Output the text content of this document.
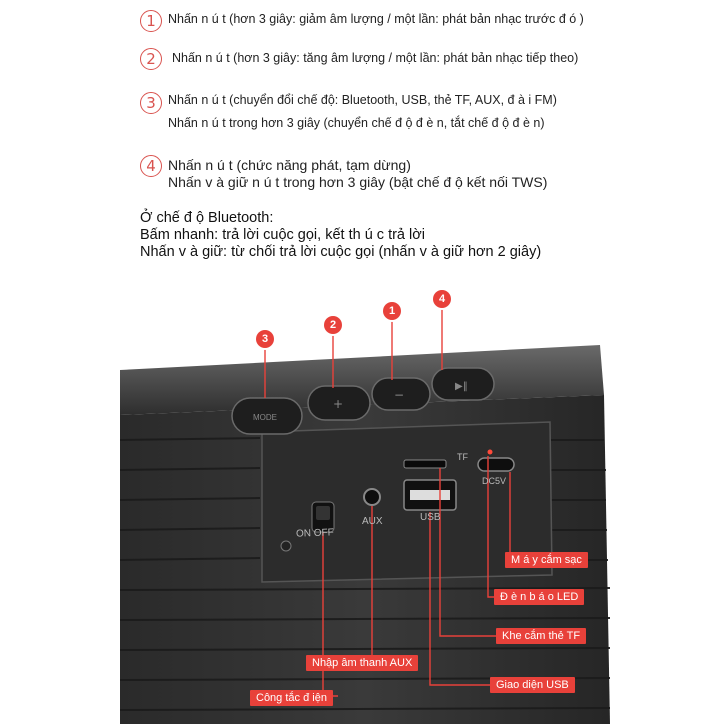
1 Nhấn n ú t (hơn 3 giây: giảm âm lượng / một lần: phát bản nhạc trước đ ó )
2	Nhấn n ú t (hơn 3 giây: tăng âm lượng / một lần: phát bản nhạc tiếp theo)
3 Nhấn n ú t (chuyển đổi chế độ: Bluetooth, USB, thẻ TF, AUX, đ à i FM)
Nhấn n ú t trong hơn 3 giây (chuyển chế đ ộ đ è n, tắt chế đ ộ đ è n)
4 Nhấn n ú t (chức năng phát, tạm dừng)
Nhấn v à giữ n ú t trong hơn 3 giây (bật chế đ ộ kết nối TWS)
Ở chế đ ộ Bluetooth:
Bấm nhanh: trả lời cuộc gọi, kết th ú c trả lời
Nhấn v à giữ: từ chối trả lời cuộc gọi (nhấn v à giữ hơn 2 giây)
MODE
+
−
▶‖
ON OFF
AUX	USB
TF
DC5V
3
2
1
4
M á y cắm sạc
Đ è n b á o LED
Khe cắm thẻ TF
Nhập âm thanh AUX
Giao diện USB
Công tắc đ iện
